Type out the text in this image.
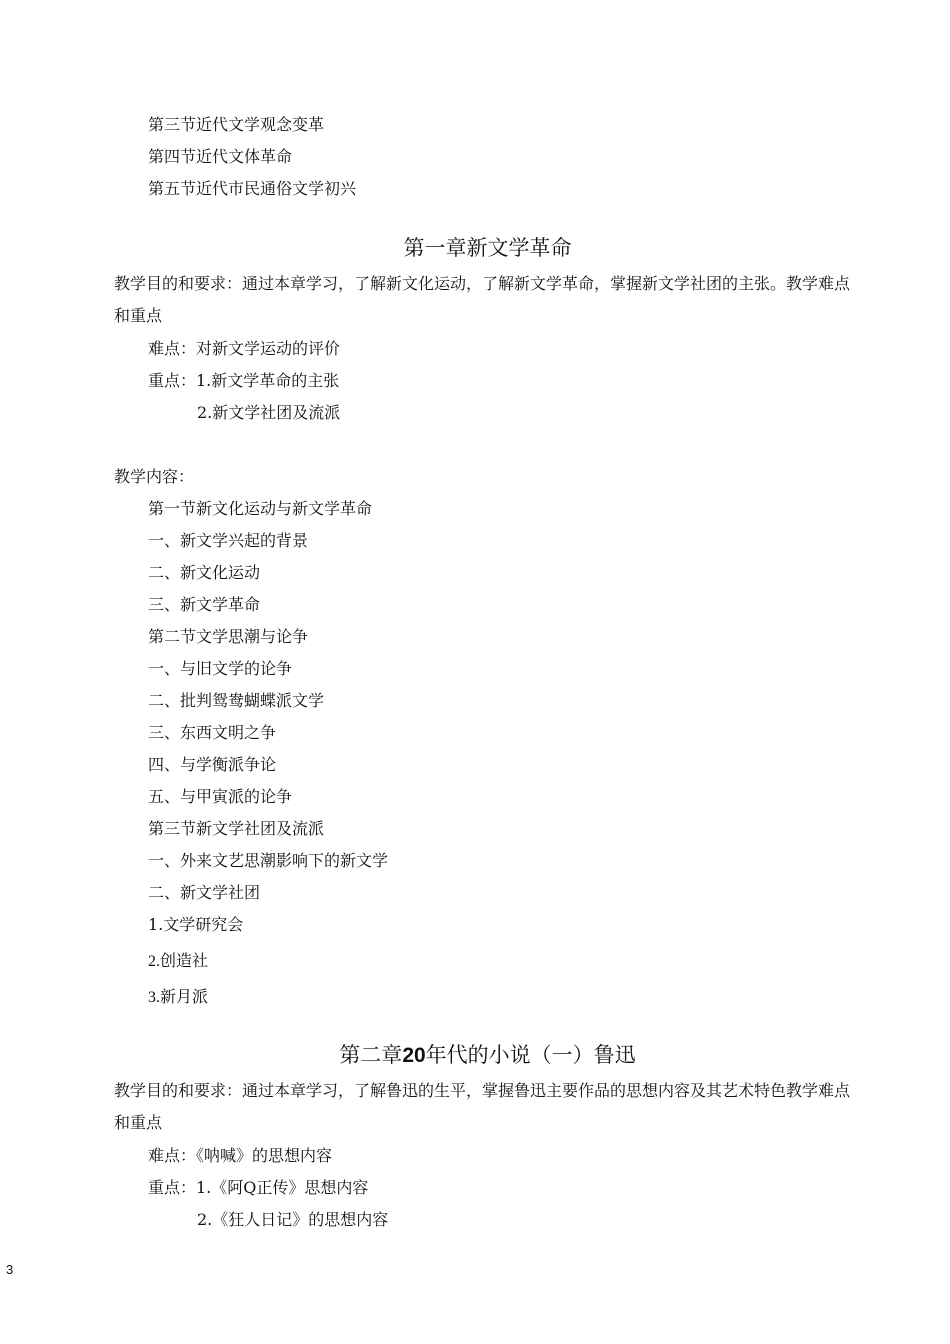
第三节近代文学观念变革
第四节近代文体革命
第五节近代市民通俗文学初兴
第一章新文学革命
教学目的和要求：通过本章学习，了解新文化运动，了解新文学革命，掌握新文学社团的主张。教学难点和重点
难点：对新文学运动的评价
重点：1.新文学革命的主张
2.新文学社团及流派
教学内容：
第一节新文化运动与新文学革命
一、新文学兴起的背景
二、新文化运动
三、新文学革命
第二节文学思潮与论争
一、与旧文学的论争
二、批判鸳鸯蝴蝶派文学
三、东西文明之争
四、与学衡派争论
五、与甲寅派的论争
第三节新文学社团及流派
一、外来文艺思潮影响下的新文学
二、新文学社团
1.文学研究会
2.创造社
3.新月派
第二章20年代的小说（一）鲁迅
教学目的和要求：通过本章学习，了解鲁迅的生平，掌握鲁迅主要作品的思想内容及其艺术特色教学难点和重点
难点：《呐喊》的思想内容
重点：1.《阿Q正传》思想内容
2.《狂人日记》的思想内容
3
